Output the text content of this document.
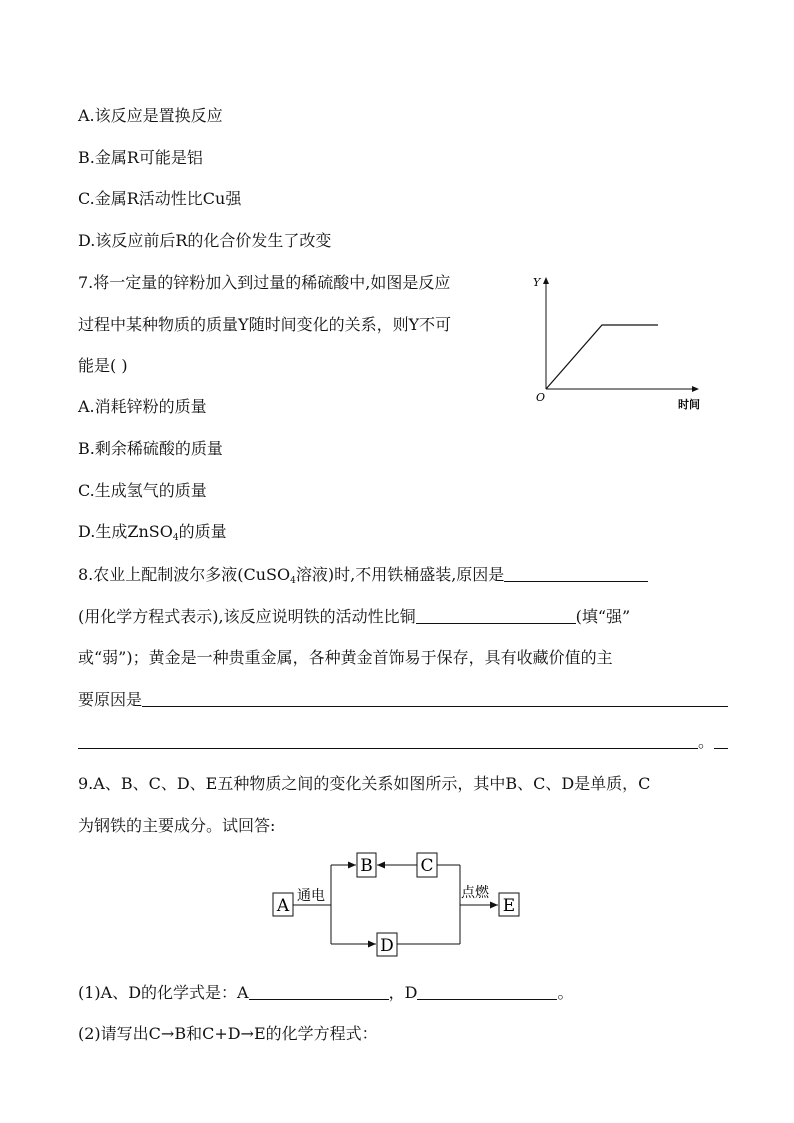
A.该反应是置换反应
B.金属R可能是铝
C.金属R活动性比Cu强
D.该反应前后R的化合价发生了改变
7.将一定量的锌粉加入到过量的稀硫酸中,如图是反应
过程中某种物质的质量Y随时间变化的关系，则Y不可
能是( )
A.消耗锌粉的质量
B.剩余稀硫酸的质量
C.生成氢气的质量
D.生成ZnSO$_4$的质量
Y
O
时间
8.农业上配制波尔多液(CuSO$_4$溶液)时,不用铁桶盛装,原因是
(用化学方程式表示),该反应说明铁的活动性比铜	(填“强”
或“弱”)；黄金是一种贵重金属，各种黄金首饰易于保存，具有收藏价值的主
要原因是
。
9.A、B、C、D、E五种物质之间的变化关系如图所示，其中B、C、D是单质，C
为钢铁的主要成分。试回答:
A
B	C
D
E
通电	点燃
(1)A、D的化学式是：A	，D	。
(2)请写出C→B和C+D→E的化学方程式：
